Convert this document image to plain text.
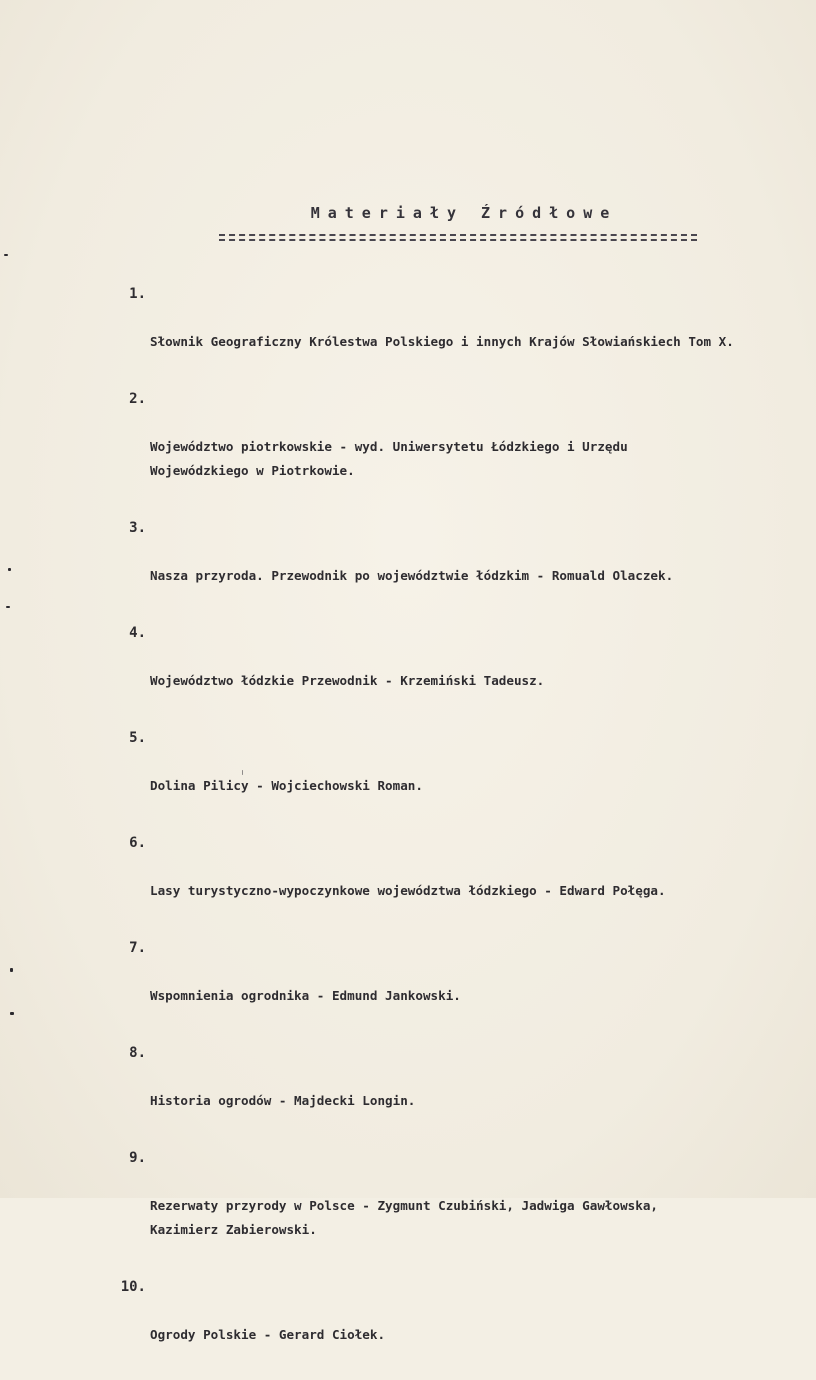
Materiały Źródłowe

1.

Słownik Geograficzny Królestwa Polskiego i innych Krajów Słowiańskiech Tom X.

2.

Województwo piotrkowskie - wyd. Uniwersytetu Łódzkiego i Urzędu Wojewódzkiego w Piotrkowie.

3.

Nasza przyroda. Przewodnik po województwie łódzkim - Romuald Olaczek.

4.

Województwo łódzkie Przewodnik - Krzemiński Tadeusz.

5.

Dolina Pilicy - Wojciechowski Roman.

6.

Lasy turystyczno-wypoczynkowe województwa łódzkiego - Edward Połęga.

7.

Wspomnienia ogrodnika - Edmund Jankowski.

8.

Historia ogrodów - Majdecki Longin.

9.

Rezerwaty przyrody w Polsce - Zygmunt Czubiński, Jadwiga Gawłowska, Kazimierz Zabierowski.

10.

Ogrody Polskie - Gerard Ciołek.
